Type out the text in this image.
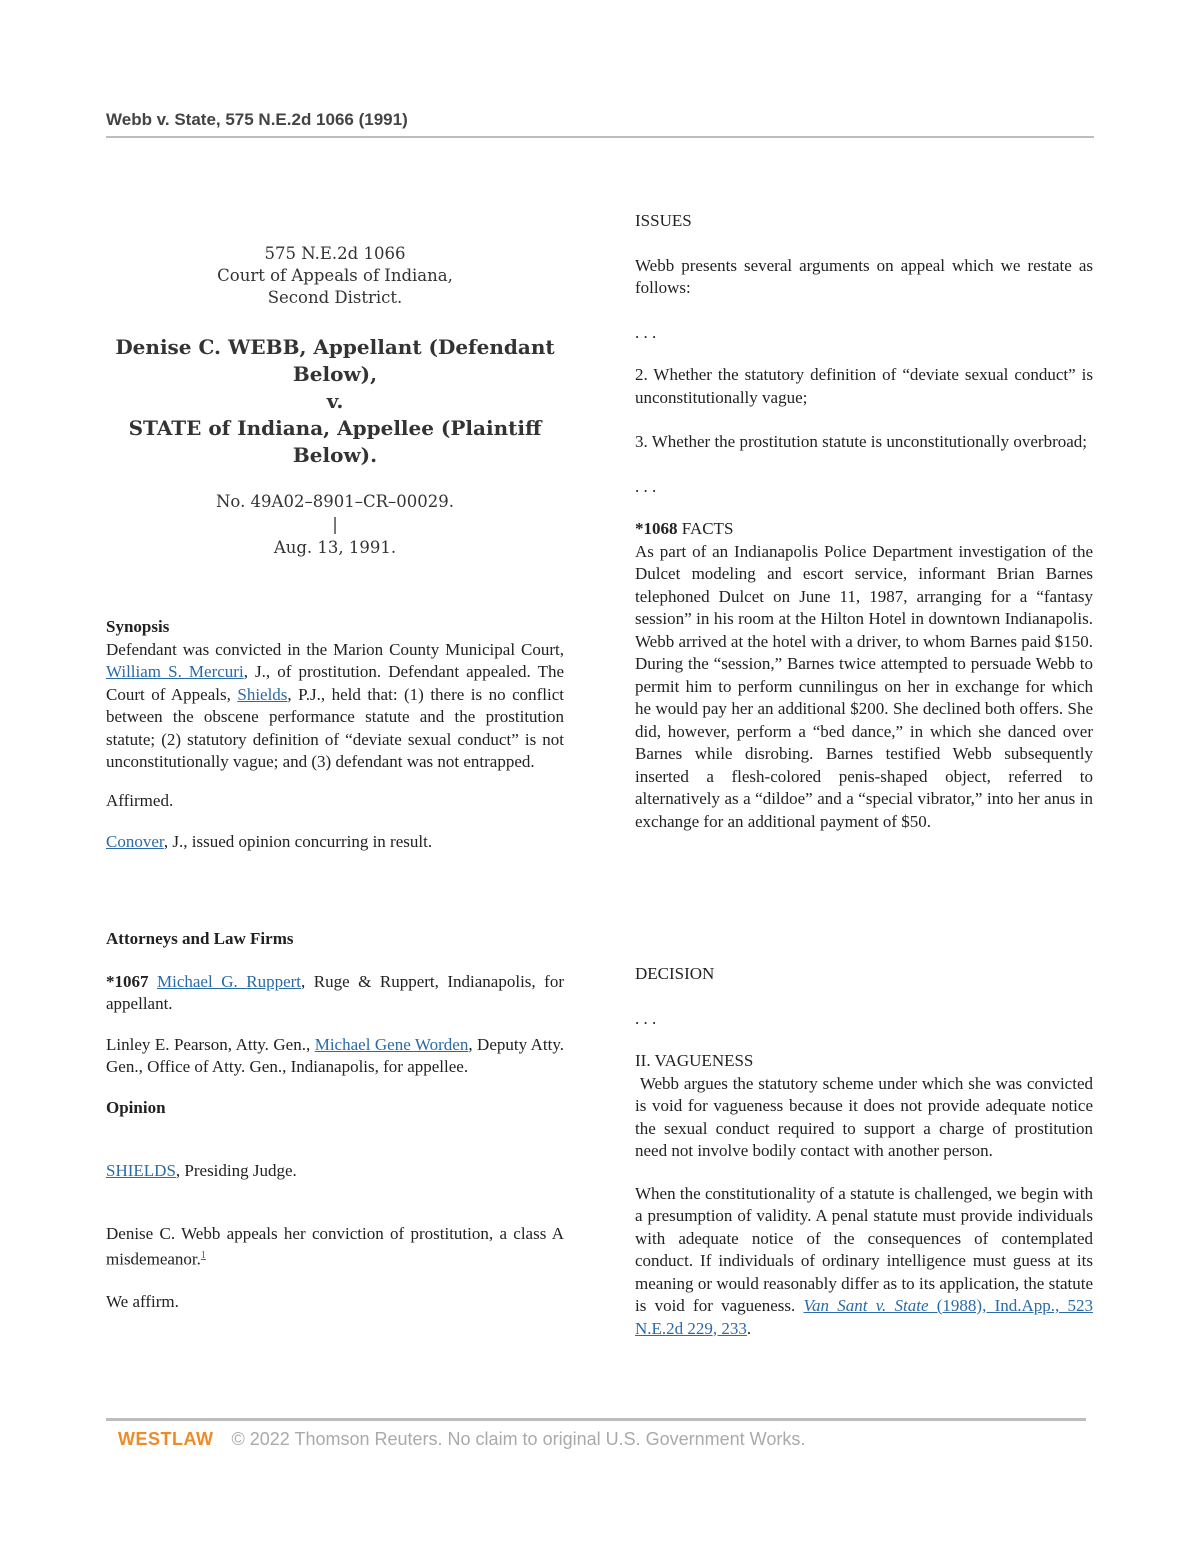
Webb v. State, 575 N.E.2d 1066 (1991)
575 N.E.2d 1066
Court of Appeals of Indiana,
Second District.
Denise C. WEBB, Appellant (Defendant Below),
v.
STATE of Indiana, Appellee (Plaintiff Below).
No. 49A02–8901–CR–00029.
|
Aug. 13, 1991.

Synopsis

Defendant was convicted in the Marion County Municipal Court, William S. Mercuri, J., of prostitution. Defendant appealed. The Court of Appeals, Shields, P.J., held that: (1) there is no conflict between the obscene performance statute and the prostitution statute; (2) statutory definition of “deviate sexual conduct” is not unconstitutionally vague; and (3) defendant was not entrapped.

Affirmed.

Conover, J., issued opinion concurring in result.

Attorneys and Law Firms

*1067 Michael G. Ruppert, Ruge & Ruppert, Indianapolis, for appellant.

Linley E. Pearson, Atty. Gen., Michael Gene Worden, Deputy Atty. Gen., Office of Atty. Gen., Indianapolis, for appellee.

Opinion

SHIELDS, Presiding Judge.

Denise C. Webb appeals her conviction of prostitution, a class A misdemeanor.$^1$

We affirm.

ISSUES

Webb presents several arguments on appeal which we restate as follows:

. . .

2. Whether the statutory definition of “deviate sexual conduct” is unconstitutionally vague;

3. Whether the prostitution statute is unconstitutionally overbroad;

. . .

*1068 FACTS

As part of an Indianapolis Police Department investigation of the Dulcet modeling and escort service, informant Brian Barnes telephoned Dulcet on June 11, 1987, arranging for a “fantasy session” in his room at the Hilton Hotel in downtown Indianapolis. Webb arrived at the hotel with a driver, to whom Barnes paid $150. During the “session,” Barnes twice attempted to persuade Webb to permit him to perform cunnilingus on her in exchange for which he would pay her an additional $200. She declined both offers. She did, however, perform a “bed dance,” in which she danced over Barnes while disrobing. Barnes testified Webb subsequently inserted a flesh-colored penis-shaped object, referred to alternatively as a “dildoe” and a “special vibrator,” into her anus in exchange for an additional payment of $50.

DECISION

. . .

II. VAGUENESS

Webb argues the statutory scheme under which she was convicted is void for vagueness because it does not provide adequate notice the sexual conduct required to support a charge of prostitution need not involve bodily contact with another person.

When the constitutionality of a statute is challenged, we begin with a presumption of validity. A penal statute must provide individuals with adequate notice of the consequences of contemplated conduct. If individuals of ordinary intelligence must guess at its meaning or would reasonably differ as to its application, the statute is void for vagueness. Van Sant v. State (1988), Ind.App., 523 N.E.2d 229, 233.

WESTLAW © 2022 Thomson Reuters. No claim to original U.S. Government Works.
